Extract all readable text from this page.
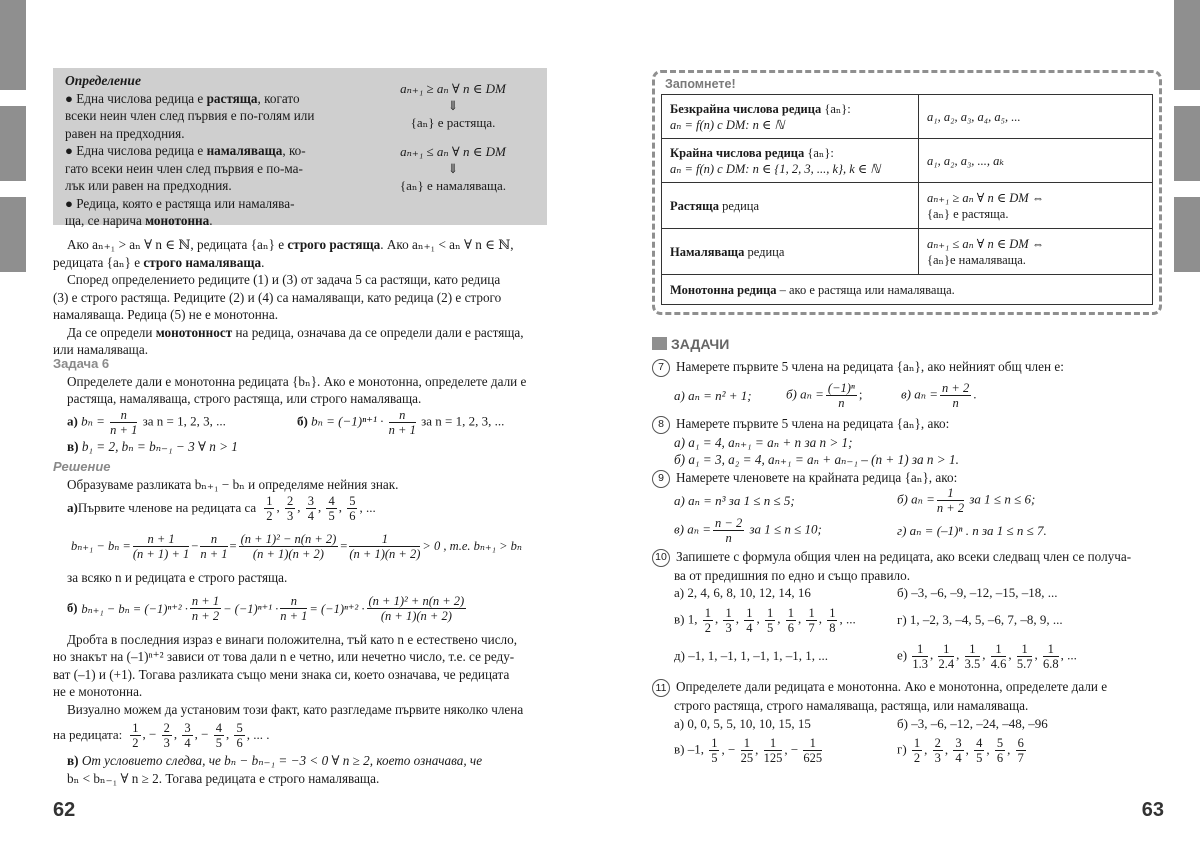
Определение
● Една числова редица е растяща, когато
всеки неин член след първия е по-голям или
равен на предходния.
● Една числова редица е намаляваща, ко-
гато всеки неин член след първия е по-ма-
лък или равен на предходния.
● Редица, която е растяща или намалява-
ща, се нарича монотонна.
aₙ₊₁ ≥ aₙ ∀ n ∈ DM
⇓
{aₙ} е растяща.
aₙ₊₁ ≤ aₙ ∀ n ∈ DM
⇓
{aₙ} е намаляваща.
Ако aₙ₊₁ > aₙ ∀ n ∈ ℕ, редицата {aₙ} е строго растяща. Ако aₙ₊₁ < aₙ ∀ n ∈ ℕ,
редицата {aₙ} е строго намаляваща.
Според определението редиците (1) и (3) от задача 5 са растящи, като редица
(3) е строго растяща. Редиците (2) и (4) са намаляващи, като редица (2) е строго
намаляваща. Редица (5) не е монотонна.
Да се определи монотонност на редица, означава да се определи дали е растяща,
или намаляваща.
Задача 6
Определете дали е монотонна редицата {bₙ}. Ако е монотонна, определете дали е
растяща, намаляваща, строго растяща, или строго намаляваща.
а) $b_n = \frac{n}{n + 1}$ за n = 1, 2, 3, ...	б) $b_n = (-1)^{n+1} \cdot \frac{n}{n + 1}$ за n = 1, 2, 3, ...
в) b₁ = 2, bₙ = bₙ₋₁ − 3 ∀ n > 1
Решение
Образуваме разликата bₙ₊₁ − bₙ и определяме нейния знак.
а) Първите членове на редицата са $\frac{1}{2}$ , $\frac{2}{3}$ , $\frac{3}{4}$ , $\frac{4}{5}$ , $\frac{5}{6}$ , ...
$b_{n+1} - b_n = \frac{n + 1}{(n + 1) + 1} - \frac{n}{n + 1} = \frac{\text{(n + 1)² − n(n + 2)}}{(n + 1)(n + 2)} = \frac{1}{(n + 1)(n + 2)} > 0$ , т.е. bₙ₊₁ > bₙ
за всяко n и редицата е строго растяща.
б) $b_{n+1} - b_n = (-1)^{n+2} \cdot \frac{n + 1}{n + 2} - (-1)^{n+1} \cdot \frac{n}{n + 1} = (-1)^{n+2} \cdot \frac{\text{(n + 1)² + n(n + 2)}}{(n + 1)(n + 2)}$
Дробта в последния израз е винаги положителна, тъй като n е естествено число,
но знакът на (–1)ⁿ⁺² зависи от това дали n е четно, или нечетно число, т.е. се реду-
ват (–1) и (+1). Тогава разликата също мени знака си, което означава, че редицата
не е монотонна.
Визуално можем да установим този факт, като разгледаме първите няколко члена
на редицата: $\frac{1}{2}$ , − $\frac{2}{3}$ , $\frac{3}{4}$ , − $\frac{4}{5}$ , $\frac{5}{6}$ , ... .
в) От условието следва, че bₙ − bₙ₋₁ = −3 < 0 ∀ n ≥ 2, което означава, че
bₙ < bₙ₋₁ ∀ n ≥ 2. Тогава редицата е строго намаляваща.
62
Запомнете!
Безкрайна числова редица {aₙ}:
aₙ = f(n) с DM: n ∈ ℕ	a₁, a₂, a₃, a₄, a₅, ...
Крайна числова редица {aₙ}:
aₙ = f(n) с DM: n ∈ {1, 2, 3, ..., k}, k ∈ ℕ	a₁, a₂, a₃, ..., aₖ
Растяща редица	aₙ₊₁ ≥ aₙ ∀ n ∈ DM ⇔
{aₙ} е растяща.
Намаляваща редица	aₙ₊₁ ≤ aₙ ∀ n ∈ DM ⇔
{aₙ}е намаляваща.
Монотонна редица – ако е растяща или намаляваща.	
ЗАДАЧИ
7 Намерете първите 5 члена на редицата {aₙ}, ако нейният общ член е:
а) aₙ = n² + 1;	б) $a_n = \frac{\text{(−1)ⁿ}}{n}$ ;	в) $a_n = \frac{n + 2}{n}$ .
8 Намерете първите 5 члена на редицата {aₙ}, ако:
а) a₁ = 4, aₙ₊₁ = aₙ + n за n > 1;
б) a₁ = 3, a₂ = 4, aₙ₊₁ = aₙ + aₙ₋₁ – (n + 1) за n > 1.
9 Намерете членовете на крайната редица {aₙ}, ако:
а) aₙ = n³ за 1 ≤ n ≤ 5;	б) $a_n = \frac{1}{n + 2}$ за 1 ≤ n ≤ 6;
в) $a_n = \frac{n - 2}{n}$ за 1 ≤ n ≤ 10;	г) aₙ = (–1)ⁿ . n за 1 ≤ n ≤ 7.
10 Запишете с формула общия член на редицата, ако всеки следващ член се получа-
ва от предишния по едно и също правило.
а) 2, 4, 6, 8, 10, 12, 14, 16	б) –3, –6, –9, –12, –15, –18, ...
в) 1, $\frac{1}{2}$ , $\frac{1}{3}$ , $\frac{1}{4}$ , $\frac{1}{5}$ , $\frac{1}{6}$ , $\frac{1}{7}$ , $\frac{1}{8}$ , ...	г) 1, –2, 3, –4, 5, –6, 7, –8, 9, ...
д) –1, 1, –1, 1, –1, 1, –1, 1, ...	$е) \frac{1}{1.3}$ , $\frac{1}{2.4}$ , $\frac{1}{3.5}$ , $\frac{1}{4.6}$ , $\frac{1}{5.7}$ , $\frac{1}{6.8}$ , ...
11 Определете дали редицата е монотонна. Ако е монотонна, определете дали е
строго растяща, строго намаляваща, растяща, или намаляваща.
а) 0, 0, 5, 5, 10, 10, 15, 15	б) –3, –6, –12, –24, –48, –96
в) –1, $\frac{1}{5}$ , − $\frac{1}{25}$ , $\frac{1}{125}$ , − $\frac{1}{625}$	$г) \frac{1}{2}$ , $\frac{2}{3}$ , $\frac{3}{4}$ , $\frac{4}{5}$ , $\frac{5}{6}$ , $\frac{6}{7}$
63
